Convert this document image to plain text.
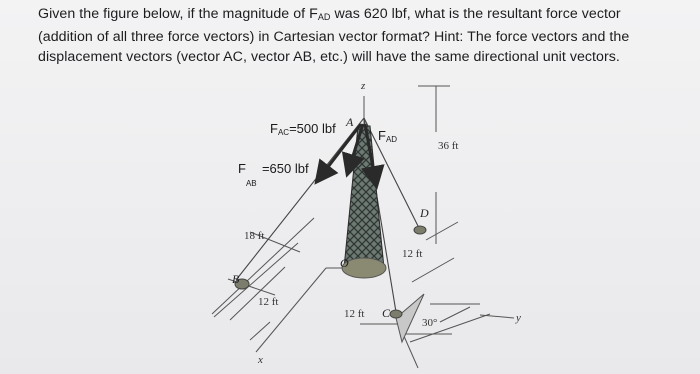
Given the figure below, if the magnitude of $F_{AD}$ was 620 lbf, what is the resultant force vector
(addition of all three force vectors) in Cartesian vector format? Hint: The force vectors and the
displacement vectors (vector AC, vector AB, etc.) will have the same directional unit vectors.
$F_{AC}=500$ lbf
F
AB
=650 lbf
$F_{AD}$
A
B
C
D
O
z
x
y
36 ft
18 ft
12 ft
12 ft
12 ft
30°
